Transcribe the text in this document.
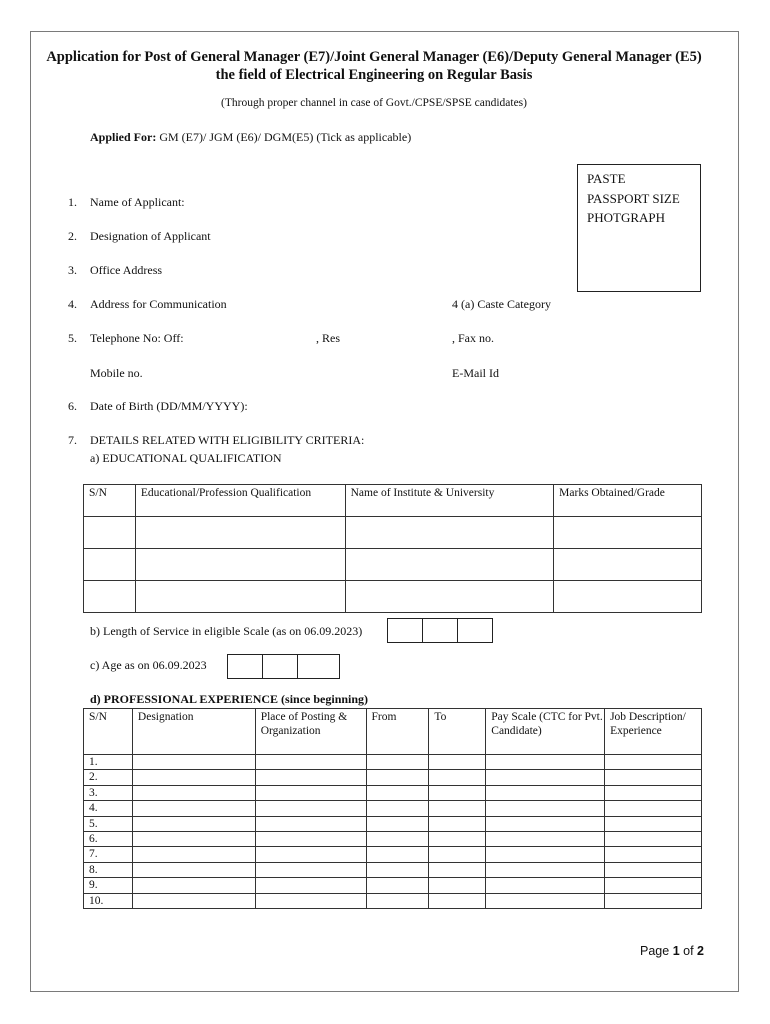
Application for Post of General Manager (E7)/Joint General Manager (E6)/Deputy General Manager (E5) the field of Electrical Engineering on Regular Basis
(Through proper channel in case of Govt./CPSE/SPSE candidates)
Applied For: GM (E7)/ JGM (E6)/ DGM(E5) (Tick as applicable)
PASTE
PASSPORT SIZE
PHOTGRAPH
1. Name of Applicant:
2. Designation of Applicant
3. Office Address
4. Address for Communication	4 (a) Caste Category
5. Telephone No: Off:	, Res	, Fax no.
Mobile no.	E-Mail Id
6. Date of Birth (DD/MM/YYYY):
7. DETAILS RELATED WITH ELIGIBILITY CRITERIA:
a) EDUCATIONAL QUALIFICATION
S/N	Educational/Profession Qualification	Name of Institute & University	Marks Obtained/Grade

b) Length of Service in eligible Scale (as on 06.09.2023)
c) Age as on 06.09.2023
d) PROFESSIONAL EXPERIENCE (since beginning)
S/N	Designation	Place of Posting & Organization	From	To	Pay Scale (CTC for Pvt. Candidate)	Job Description/ Experience
1.						
2.						
3.						
4.						
5.						
6.						
7.						
8.						
9.						
10.						
Page 1 of 2
